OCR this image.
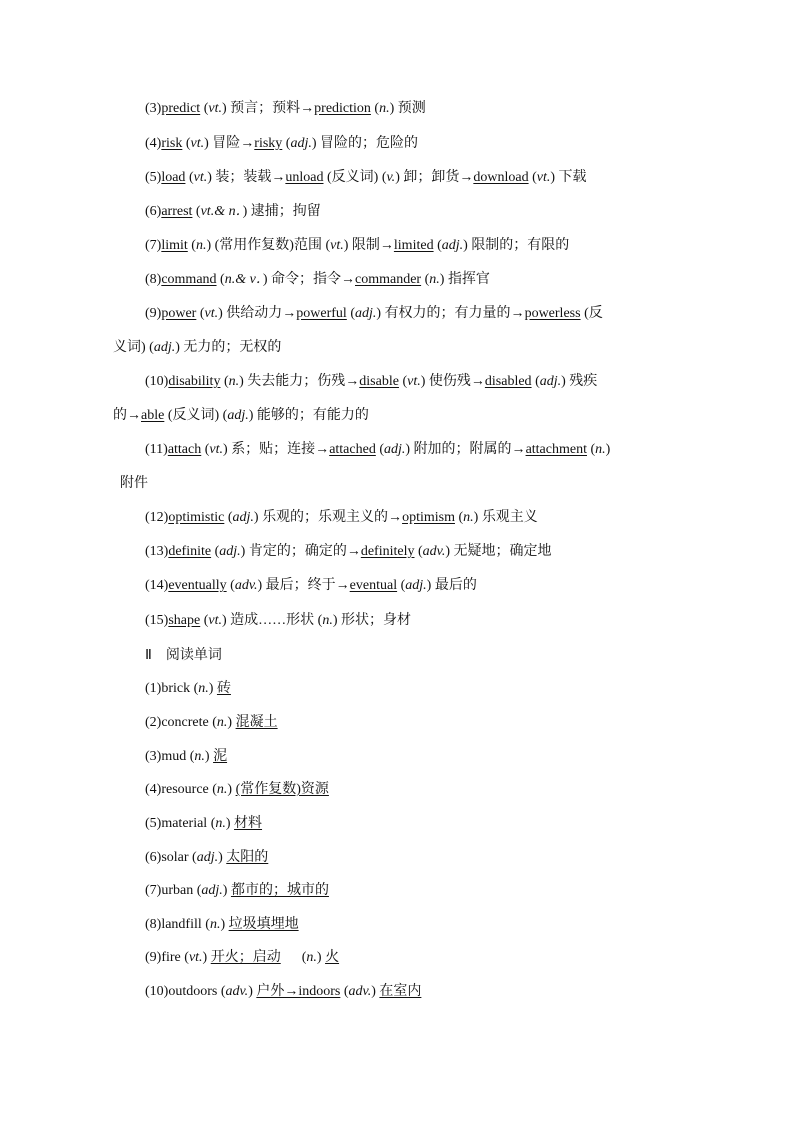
(3)predict (vt.) 预言；预料→prediction (n.) 预测
(4)risk (vt.) 冒险→risky (adj.) 冒险的；危险的
(5)load (vt.) 装；装载→unload (反义词) (v.) 卸；卸货→download (vt.) 下载
(6)arrest (vt.& n．) 逮捕；拘留
(7)limit (n.) (常用作复数)范围 (vt.) 限制→limited (adj.) 限制的；有限的
(8)command (n.& v．) 命令；指令→commander (n.) 指挥官
(9)power (vt.) 供给动力→powerful (adj.) 有权力的；有力量的→powerless (反
义词) (adj.) 无力的；无权的
(10)disability (n.) 失去能力；伤残→disable (vt.) 使伤残→disabled (adj.) 残疾
的→able (反义词) (adj.) 能够的；有能力的
(11)attach (vt.) 系；贴；连接→attached (adj.) 附加的；附属的→attachment (n.)
附件
(12)optimistic (adj.) 乐观的；乐观主义的→optimism (n.) 乐观主义
(13)definite (adj.) 肯定的；确定的→definitely (adv.) 无疑地；确定地
(14)eventually (adv.) 最后；终于→eventual (adj.) 最后的
(15)shape (vt.) 造成……形状 (n.) 形状；身材
Ⅱ 阅读单词
(1)brick (n.) 砖
(2)concrete (n.) 混凝土
(3)mud (n.) 泥
(4)resource (n.) (常作复数)资源
(5)material (n.) 材料
(6)solar (adj.) 太阳的
(7)urban (adj.) 都市的；城市的
(8)landfill (n.) 垃圾填埋地
(9)fire (vt.) 开火；启动      (n.) 火
(10)outdoors (adv.) 户外→indoors (adv.) 在室内
